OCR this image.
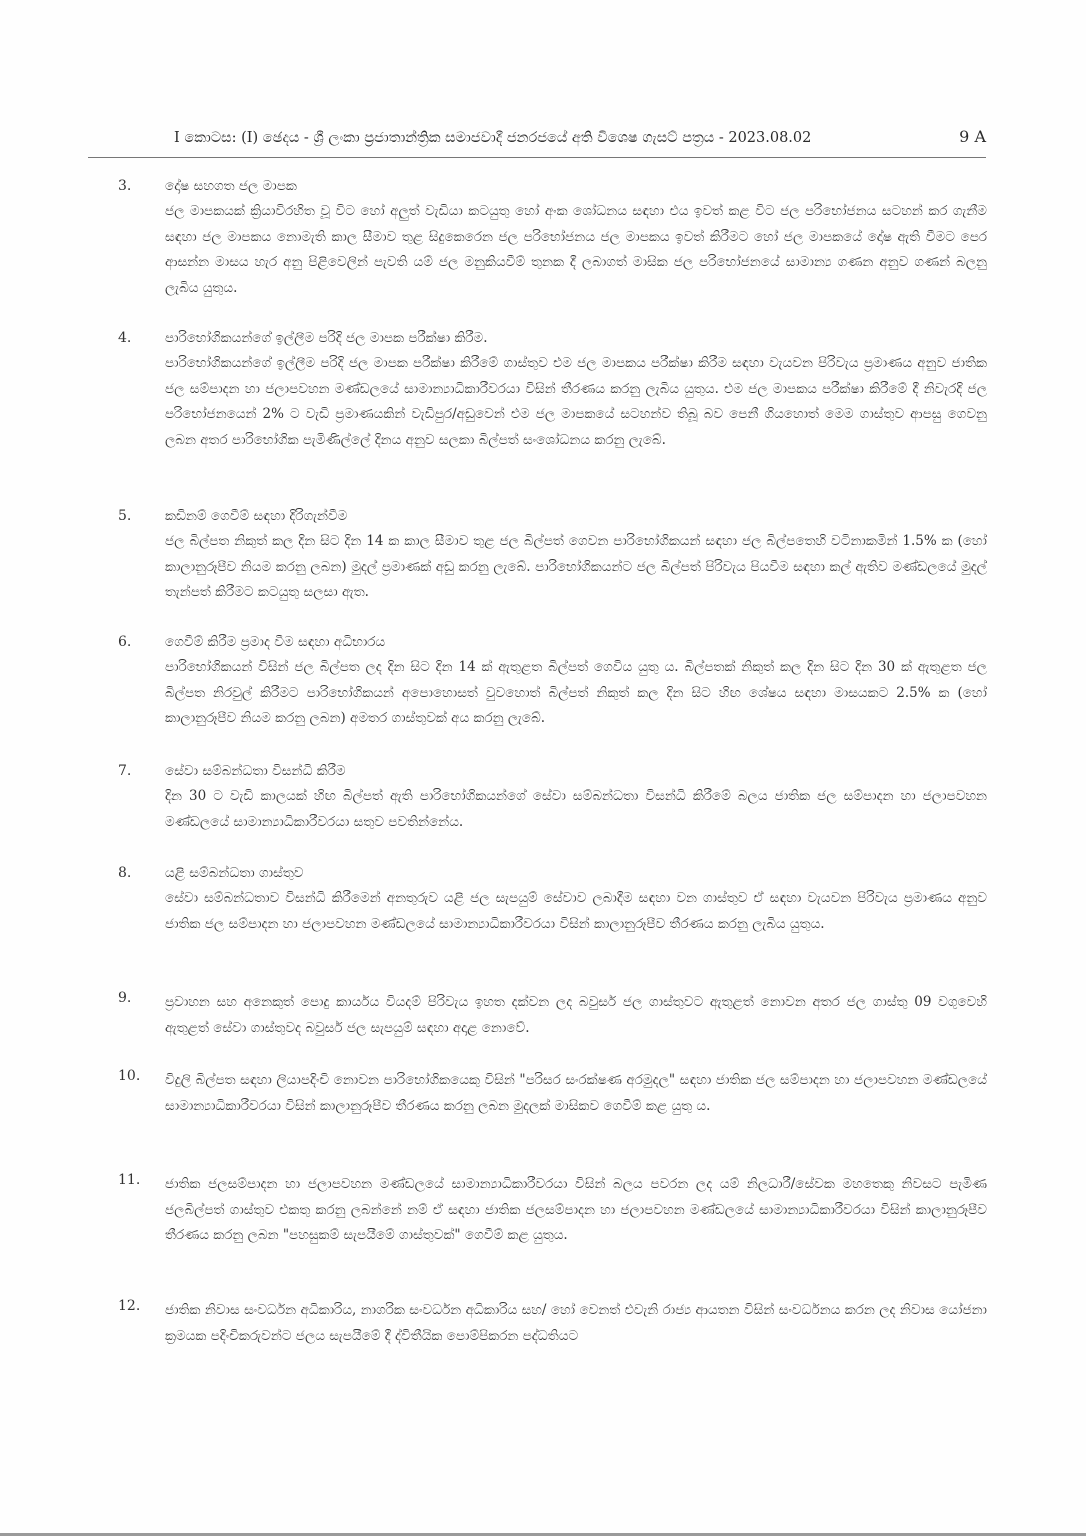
I කොටස: (I) ඡෙදය - ශ්‍රී ලංකා ප්‍රජාතාන්ත්‍රික සමාජවාදී ජනරජයේ අති විශෙෂ ගැසට් පත්‍රය - 2023.08.02	9 A
3. දෝෂ සහගත ජල මාපක
ජල මාපකයක් ක්‍රියාවිරහිත වූ විට හෝ අලුත් වැඩියා කටයුතු හෝ අංක ශෝධනය සඳහා එය ඉවත් කළ විට ජල පරිභෝජනය සටහන් කර ගැනීම සඳහා ජල මාපකය නොමැති කාල සීමාව තුළ සිදුකෙරෙන ජල පරිභෝජනය ජල මාපකය ඉවත් කිරීමට හෝ ජල මාපකයේ දෝෂ ඇති වීමට පෙර ආසන්න මාසය හැර අනු පිළිවෙලින් පැවති යම් ජල මනුකියවීම් තුනක දී ලබාගත් මාසික ජල පරිභෝජනයේ සාමාන්‍ය ගණන අනුව ගණන් බලනු ලැබිය යුතුය.
4. පාරිභෝගිකයන්ගේ ඉල්ලීම පරිදි ජල මාපක පරීක්ෂා කිරීම.
පාරිභෝගිකයන්ගේ ඉල්ලීම පරිදි ජල මාපක පරීක්ෂා කිරීමේ ගාස්තුව එම ජල මාපකය පරීක්ෂා කිරීම සඳහා වැයවන පිරිවැය ප්‍රමාණය අනුව ජාතික ජල සම්පාදන හා ජලාපවහන මණ්ඩලයේ සාමාන්‍යාධිකාරීවරයා විසින් තීරණය කරනු ලැබිය යුතුය. එම ජල මාපකය පරීක්ෂා කිරීමේ දී නිවැරදි ජල පරිභෝජනයෙන් 2% ට වැඩි ප්‍රමාණයකින් වැඩිපුර/අඩුවෙන් එම ජල මාපකයේ සටහන්ව තිබූ බව පෙනී ගියහොත් මෙම ගාස්තුව ආපසු ගෙවනු ලබන අතර පාරිභෝගික පැමිණිල්ලේ දිනය අනුව සලකා බිල්පත් සංශෝධනය කරනු ලැබේ.
5. කඩිනම් ගෙවීම් සඳහා දිරිගැන්වීම
ජල බිල්පත නිකුත් කල දින සිට දින 14 ක කාල සීමාව තුළ ජල බිල්පත් ගෙවන පාරිභෝගිකයන් සඳහා ජල බිල්පතෙහි වටිනාකමින් 1.5% ක (හෝ කාලානුරූපීව නියම කරනු ලබන) මුදල් ප්‍රමාණක් අඩු කරනු ලැබේ. පාරිභෝගිකයන්ට ජල බිල්පත් පිරිවැය පියවීම සඳහා කල් ඇතිව මණ්ඩලයේ මුදල් තැන්පත් කිරීමට කටයුතු සලසා ඇත.
6. ගෙවීම් කිරීම ප්‍රමාද වීම සඳහා අධිභාරය
පාරිභෝගිකයන් විසින් ජල බිල්පත ලද දින සිට දින 14 ක් ඇතුළත බිල්පත් ගෙවිය යුතු ය. බිල්පතක් නිකුත් කල දින සිට දින 30 ක් ඇතුළත ජල බිල්පත නිරවුල් කිරීමට පාරිභෝගිකයන් අපොහොසත් වුවහොත් බිල්පත් නිකුත් කල දින සිට හිඟ ශේෂය සඳහා මාසයකට 2.5% ක (හෝ කාලානුරූපීව නියම කරනු ලබන) අමතර ගාස්තුවක් අය කරනු ලැබේ.
7. සේවා සම්බන්ධතා විසන්ධි කිරීම
දින 30 ට වැඩි කාලයක් හිඟ බිල්පත් ඇති පාරිභෝගිකයන්ගේ සේවා සම්බන්ධතා විසන්ධි කිරීමේ බලය ජාතික ජල සම්පාදන හා ජලාපවහන මණ්ඩලයේ සාමාන්‍යාධිකාරීවරයා සතුව පවතින්නේය.
8. යළි සම්බන්ධතා ගාස්තුව
සේවා සම්බන්ධතාව විසන්ධි කිරීමෙන් අනතුරුව යළි ජල සැපයුම් සේවාව ලබාදීම සඳහා වන ගාස්තුව ඒ සඳහා වැයවන පිරිවැය ප්‍රමාණය අනුව ජාතික ජල සම්පාදන හා ජලාපවහන මණ්ඩලයේ සාමාන්‍යාධිකාරීවරයා විසින් කාලානුරූපීව තීරණය කරනු ලැබිය යුතුය.
9. ප්‍රවාහන සහ අනෙකුත් පොදු කාර්යය වියදම් පිරිවැය ඉහත දක්වන ලද බවුසර් ජල ගාස්තුවට ඇතුළත් නොවන අතර ජල ගාස්තු 09 වගුවෙහි ඇතුළත් සේවා ගාස්තුවද බවුසර් ජල සැපයුම් සඳහා අදාළ නොවේ.
10. විදුලි බිල්පත සඳහා ලියාපදිංචි නොවන පාරිභෝගිකයෙකු විසින් "පරිසර සංරක්ෂණ අරමුදල" සඳහා ජාතික ජල සම්පාදන හා ජලාපවහන මණ්ඩලයේ සාමාන්‍යාධිකාරීවරයා විසින් කාලානුරූපීව තීරණය කරනු ලබන මුදලක් මාසිකව ගෙවීම් කළ යුතු ය.
11. ජාතික ජලසම්පාදන හා ජලාපවහන මණ්ඩලයේ සාමාන්‍යාධිකාරීවරයා විසින් බලය පවරන ලද යම් නිලධාරී/සේවක මහතෙකු නිවසට පැමිණ ජලබිල්පත් ගාස්තුව එකතු කරනු ලබන්නේ නම් ඒ සඳහා ජාතික ජලසම්පාදන හා ජලාපවහන මණ්ඩලයේ සාමාන්‍යාධිකාරීවරයා විසින් කාලානුරූපීව තීරණය කරනු ලබන "පහසුකම් සැපයීමේ ගාස්තුවක්" ගෙවීම් කළ යුතුය.
12. ජාතික නිවාස සංවර්ධන අධිකාරිය, නාගරික සංවර්ධන අධිකාරිය සහ/ හෝ වෙනත් එවැනි රාජ්‍ය ආයතන විසින් සංවර්ධනය කරන ලද නිවාස යෝජනා ක්‍රමයක පදිංචිකරුවන්ට ජලය සැපයීමේ දී ද්විතීයික පොම්පිකරන පද්ධතියට
